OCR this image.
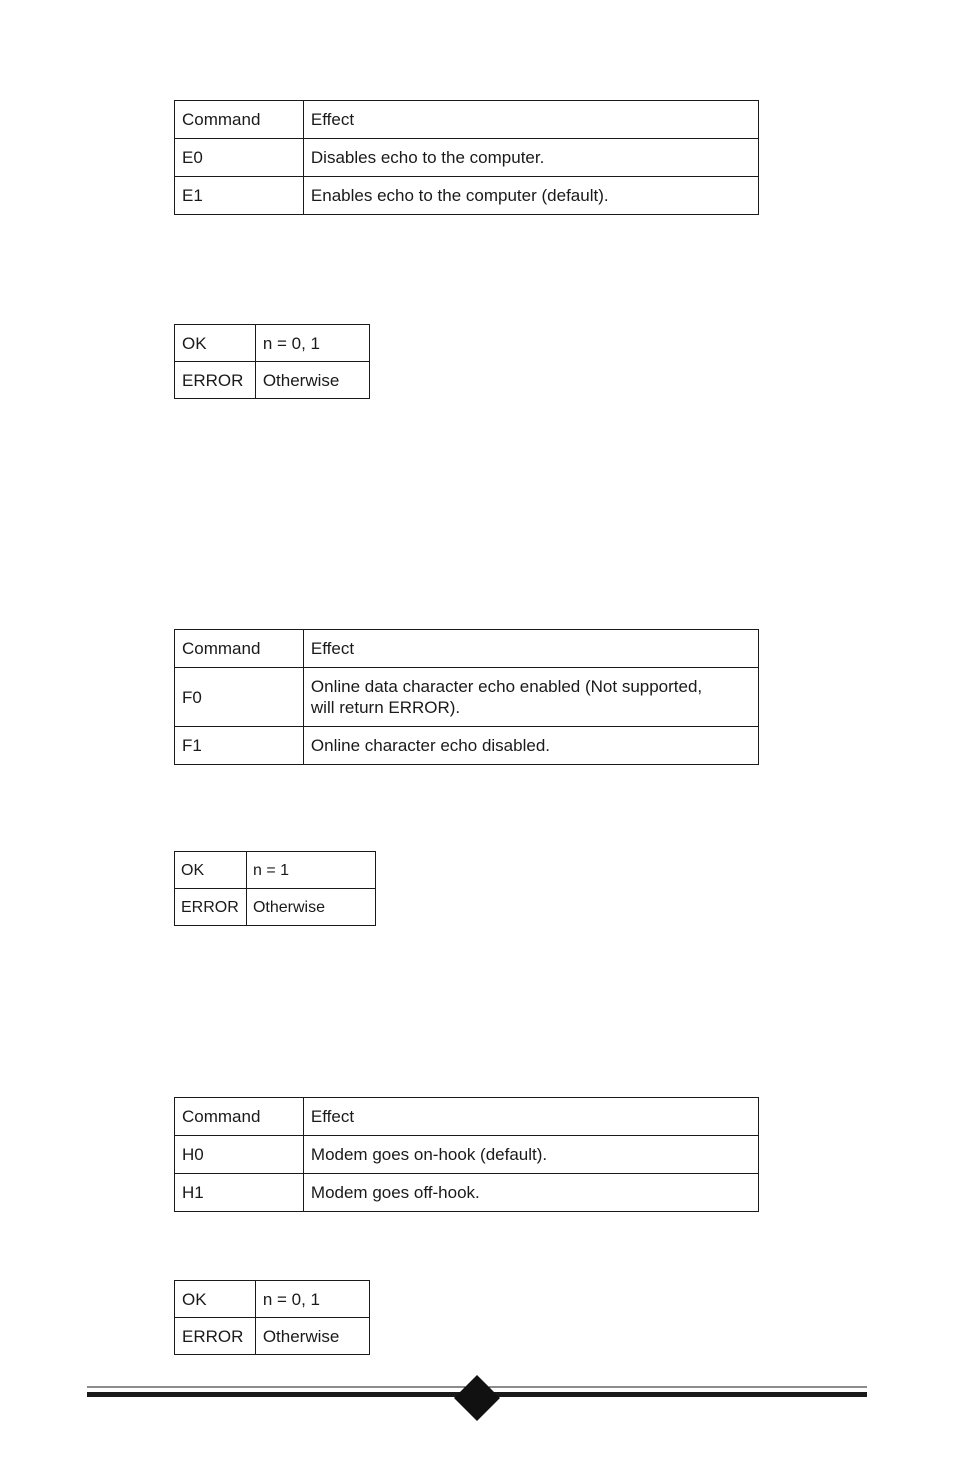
Command	Effect
E0	Disables echo to the computer.
E1	Enables echo to the computer (default).
OK	n = 0, 1
ERROR	Otherwise
Command	Effect
F0	Online data character echo enabled (Not supported,
will return ERROR).
F1	Online character echo disabled.
OK	n = 1
ERROR	Otherwise
Command	Effect
H0	Modem goes on-hook (default).
H1	Modem goes off-hook.
OK	n = 0, 1
ERROR	Otherwise
